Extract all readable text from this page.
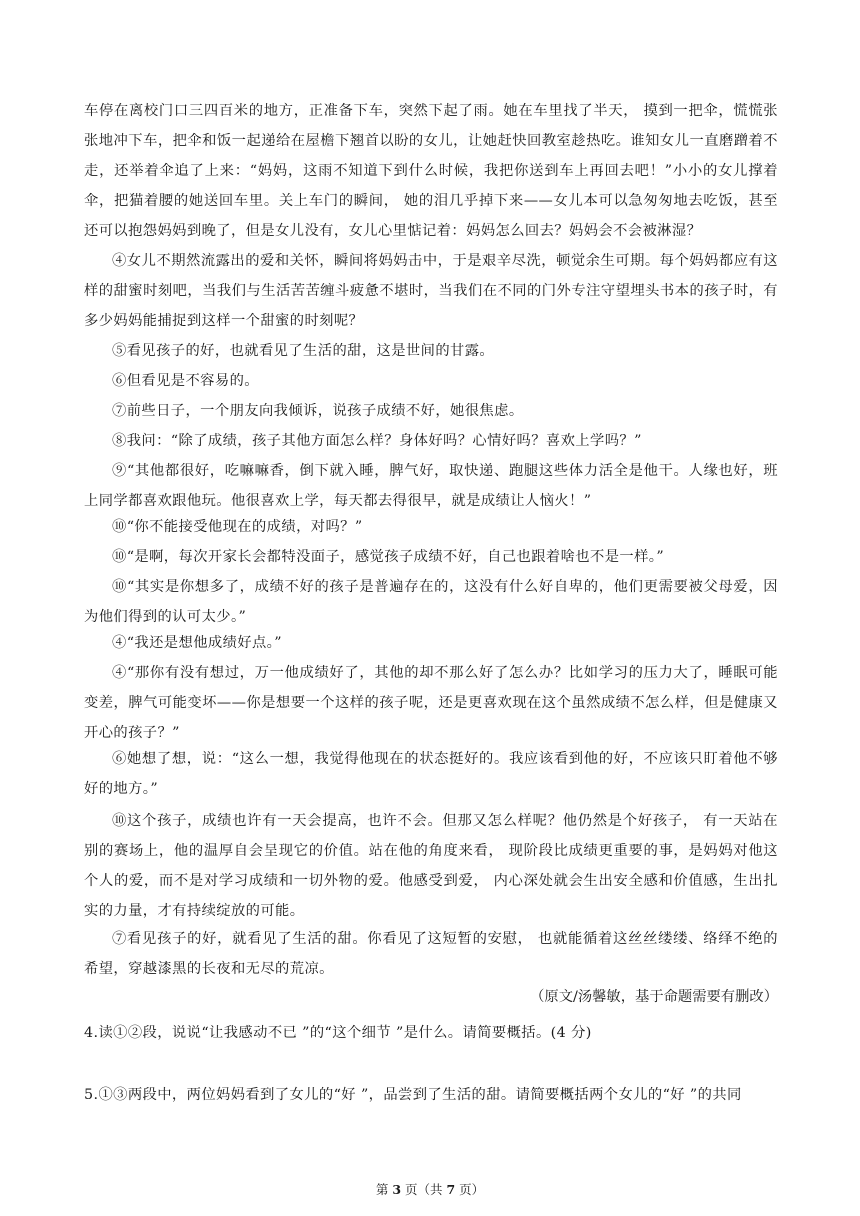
车停在离校门口三四百米的地方，正准备下车，突然下起了雨。她在车里找了半天， 摸到一把伞，慌慌张张地冲下车，把伞和饭一起递给在屋檐下翘首以盼的女儿，让她赶快回教室趁热吃。谁知女儿一直磨蹭着不走，还举着伞追了上来：“妈妈，这雨不知道下到什么时候，我把你送到车上再回去吧！”小小的女儿撑着伞，把猫着腰的她送回车里。关上车门的瞬间， 她的泪几乎掉下来——女儿本可以急匆匆地去吃饭，甚至还可以抱怨妈妈到晚了，但是女儿没有，女儿心里惦记着：妈妈怎么回去？妈妈会不会被淋湿？

④女儿不期然流露出的爱和关怀，瞬间将妈妈击中，于是艰辛尽洗，顿觉余生可期。每个妈妈都应有这样的甜蜜时刻吧，当我们与生活苦苦缠斗疲惫不堪时，当我们在不同的门外专注守望埋头书本的孩子时，有多少妈妈能捕捉到这样一个甜蜜的时刻呢？

⑤看见孩子的好，也就看见了生活的甜，这是世间的甘露。

⑥但看见是不容易的。

⑦前些日子，一个朋友向我倾诉，说孩子成绩不好，她很焦虑。

⑧我问：“除了成绩，孩子其他方面怎么样？身体好吗？心情好吗？喜欢上学吗？”

⑨“其他都很好，吃嘛嘛香，倒下就入睡，脾气好，取快递、跑腿这些体力活全是他干。人缘也好，班上同学都喜欢跟他玩。他很喜欢上学，每天都去得很早，就是成绩让人恼火！”

⑩“你不能接受他现在的成绩，对吗？”

⑩“是啊，每次开家长会都特没面子，感觉孩子成绩不好，自己也跟着啥也不是一样。”

⑩“其实是你想多了，成绩不好的孩子是普遍存在的，这没有什么好自卑的，他们更需要被父母爱，因为他们得到的认可太少。”

④“我还是想他成绩好点。”

④“那你有没有想过，万一他成绩好了，其他的却不那么好了怎么办？比如学习的压力大了，睡眠可能变差，脾气可能变坏——你是想要一个这样的孩子呢，还是更喜欢现在这个虽然成绩不怎么样，但是健康又开心的孩子？”

⑥她想了想，说：“这么一想，我觉得他现在的状态挺好的。我应该看到他的好，不应该只盯着他不够好的地方。”

⑩这个孩子，成绩也许有一天会提高，也许不会。但那又怎么样呢？他仍然是个好孩子， 有一天站在别的赛场上，他的温厚自会呈现它的价值。站在他的角度来看， 现阶段比成绩更重要的事，是妈妈对他这个人的爱，而不是对学习成绩和一切外物的爱。他感受到爱， 内心深处就会生出安全感和价值感，生出扎实的力量，才有持续绽放的可能。

⑦看见孩子的好，就看见了生活的甜。你看见了这短暂的安慰， 也就能循着这丝丝缕缕、络绎不绝的希望，穿越漆黑的长夜和无尽的荒凉。

（原文/汤馨敏，基于命题需要有删改）

4.读①②段，说说“让我感动不已 ”的“这个细节 ”是什么。请简要概括。(4 分)

5.①③两段中，两位妈妈看到了女儿的“好 ”，品尝到了生活的甜。请简要概括两个女儿的“好 ”的共同

第 3 页（共 7 页）
